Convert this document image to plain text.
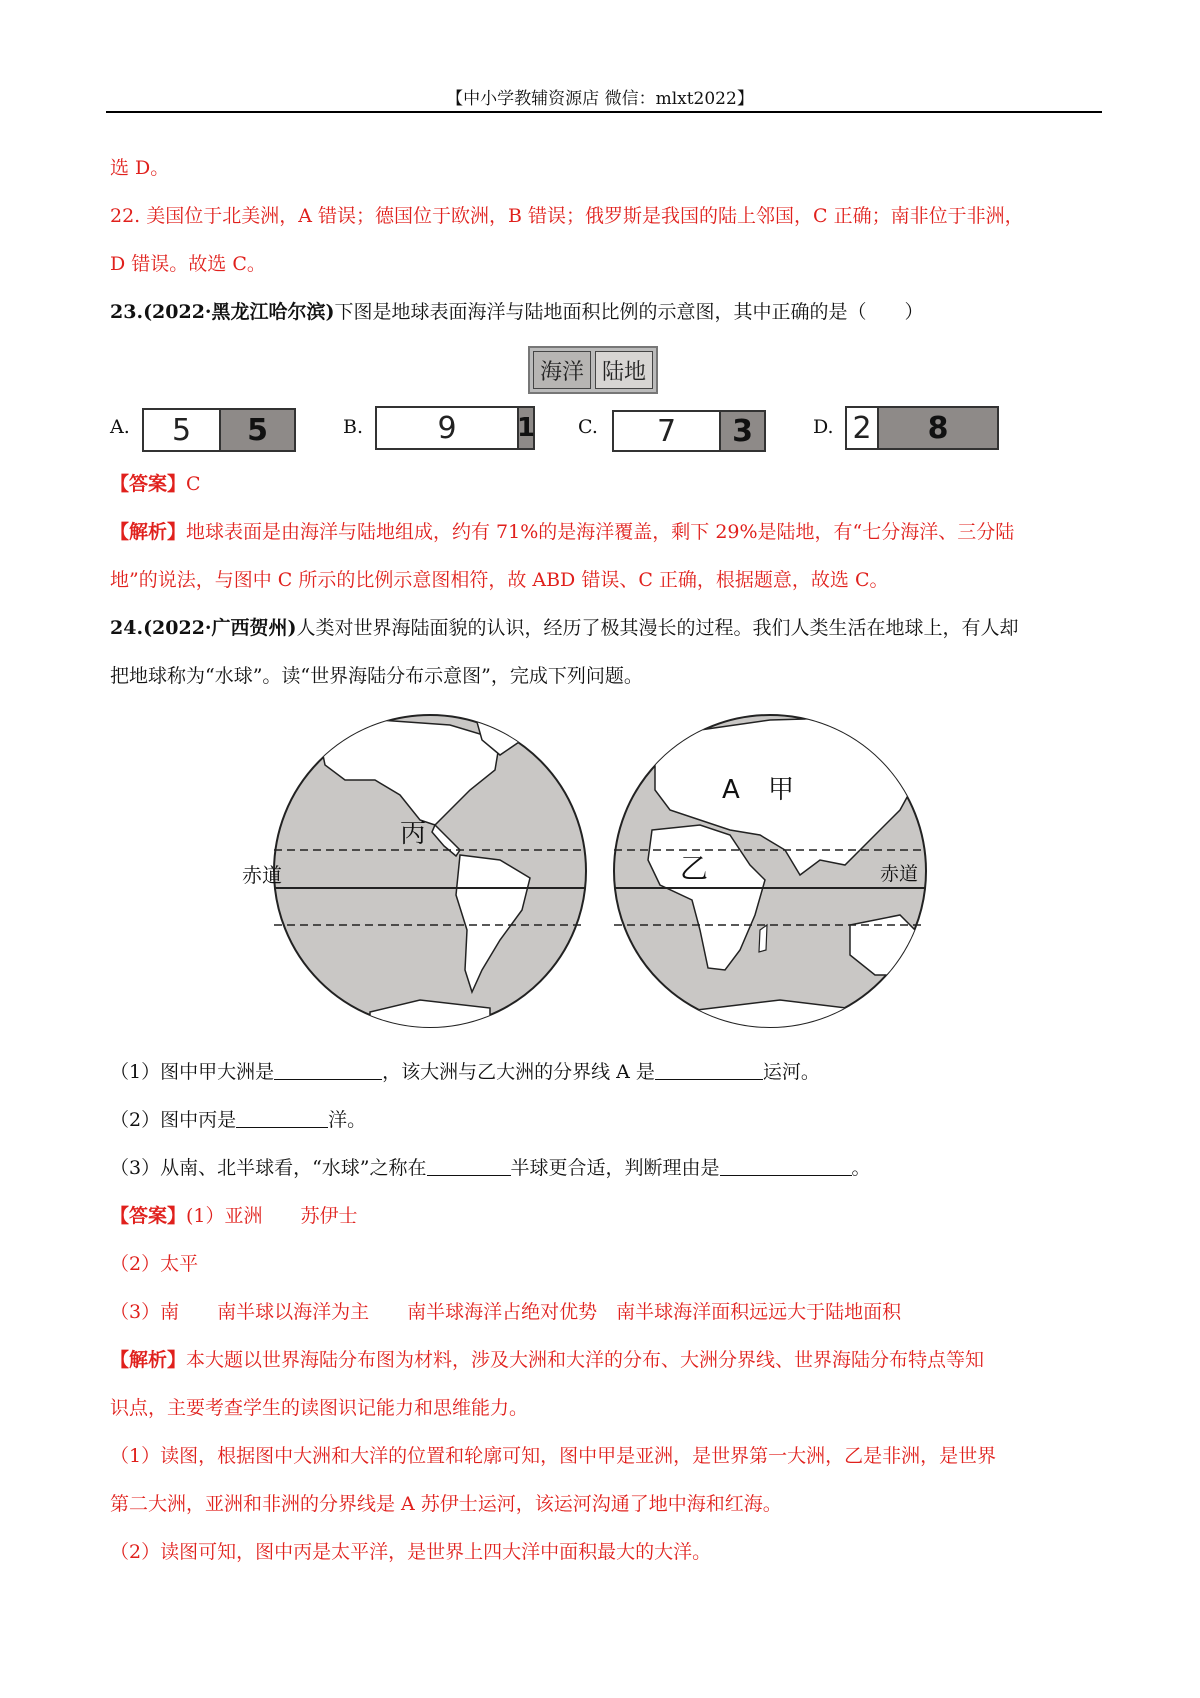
【中小学教辅资源店 微信：mlxt2022】
选 D。
22. 美国位于北美洲，A 错误；德国位于欧洲，B 错误；俄罗斯是我国的陆上邻国，C 正确；南非位于非洲，
D 错误。故选 C。
23.(2022·黑龙江哈尔滨)下图是地球表面海洋与陆地面积比例的示意图，其中正确的是（　　）
海洋 陆地
A.	5	5	B.	9	1 C.	7	3	D. 2	8
【答案】C
【解析】地球表面是由海洋与陆地组成，约有 71%的是海洋覆盖，剩下 29%是陆地，有“七分海洋、三分陆
地”的说法，与图中 C 所示的比例示意图相符，故 ABD 错误、C 正确，根据题意，故选 C。
24.(2022·广西贺州)人类对世界海陆面貌的认识，经历了极其漫长的过程。我们人类生活在地球上，有人却
把地球称为“水球”。读“世界海陆分布示意图”，完成下列问题。
赤道
丙
乙
A 甲
赤道
（1）图中甲大洲是	，该大洲与乙大洲的分界线 A 是	运河。
（2）图中丙是	洋。
（3）从南、北半球看，“水球”之称在	半球更合适，判断理由是	。
【答案】(1）亚洲　　苏伊士
（2）太平
（3）南　　南半球以海洋为主　　南半球海洋占绝对优势　南半球海洋面积远远大于陆地面积
【解析】本大题以世界海陆分布图为材料，涉及大洲和大洋的分布、大洲分界线、世界海陆分布特点等知
识点，主要考查学生的读图识记能力和思维能力。
（1）读图，根据图中大洲和大洋的位置和轮廓可知，图中甲是亚洲，是世界第一大洲，乙是非洲，是世界
第二大洲，亚洲和非洲的分界线是 A 苏伊士运河，该运河沟通了地中海和红海。
（2）读图可知，图中丙是太平洋，是世界上四大洋中面积最大的大洋。
